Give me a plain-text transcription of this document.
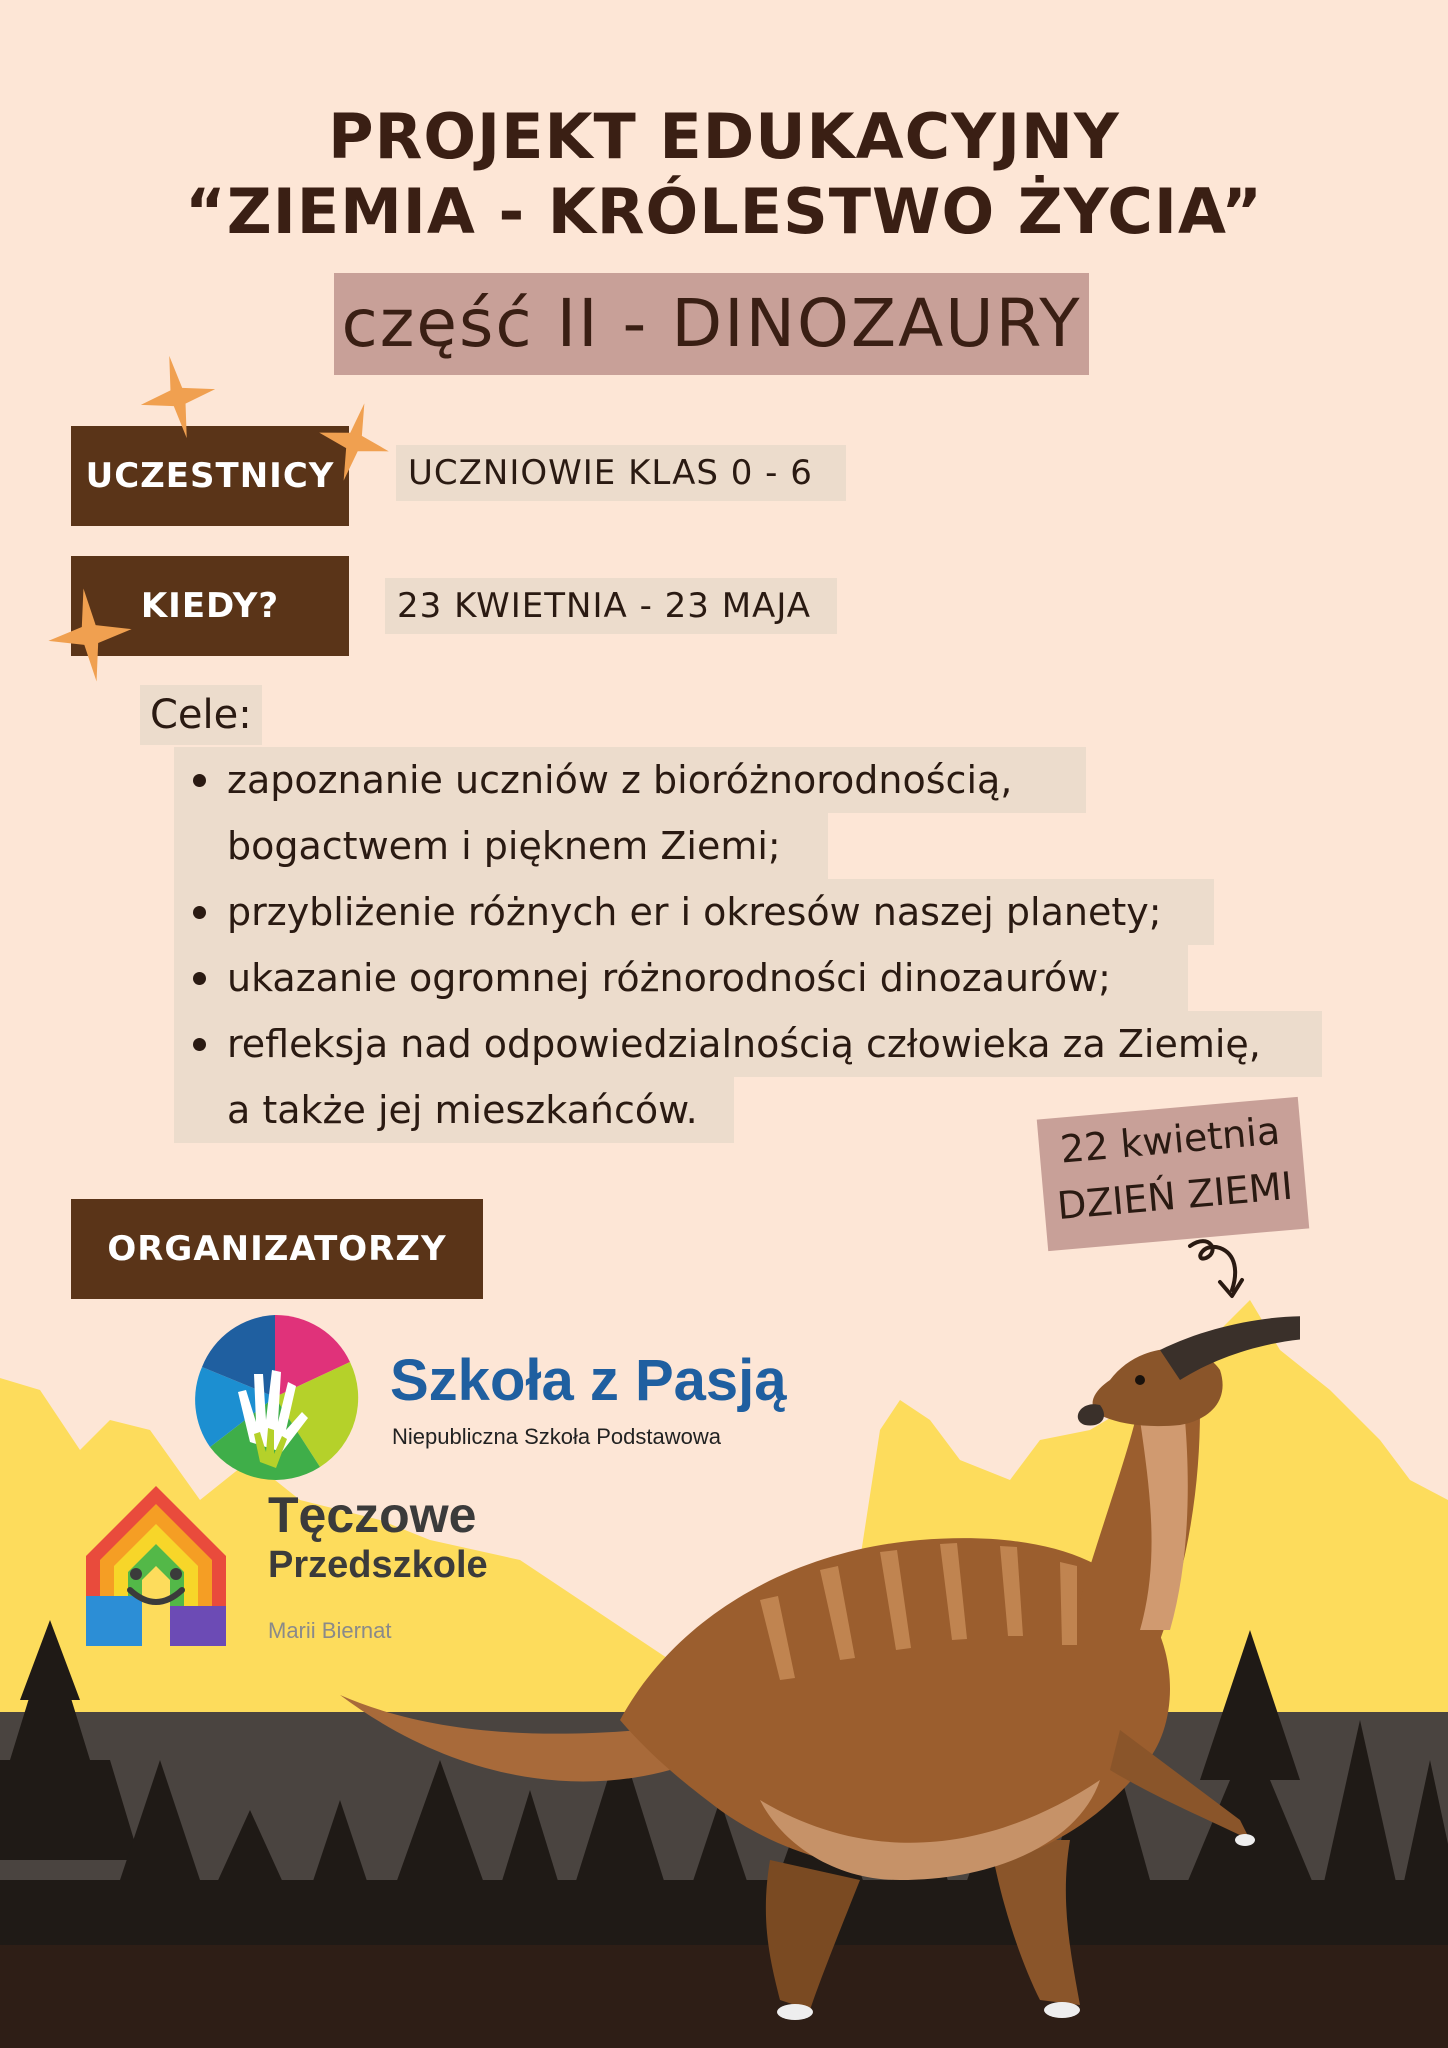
PROJEKT EDUKACYJNY
“ZIEMIA - KRÓLESTWO ŻYCIA”
część II - DINOZAURY
UCZESTNICY	UCZNIOWIE KLAS 0 - 6
KIEDY?	23 KWIETNIA - 23 MAJA
Cele:
zapoznanie uczniów z bioróżnorodnością,
bogactwem i pięknem Ziemi;
przybliżenie różnych er i okresów naszej planety;
ukazanie ogromnej różnorodności dinozaurów;
refleksja nad odpowiedzialnością człowieka za Ziemię,
a także jej mieszkańców.	22 kwietnia
DZIEŃ ZIEMI
ORGANIZATORZY
Szkoła z Pasją
Niepubliczna Szkoła Podstawowa
Tęczowe
Przedszkole
Marii Biernat
